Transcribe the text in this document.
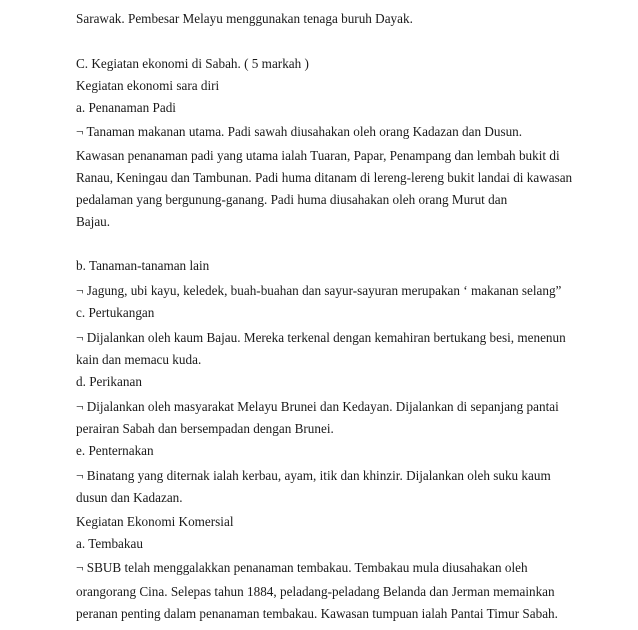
Sarawak. Pembesar Melayu menggunakan tenaga buruh Dayak.
C. Kegiatan ekonomi di Sabah. ( 5 markah )
Kegiatan ekonomi sara diri
a. Penanaman Padi
¬ Tanaman makanan utama. Padi sawah diusahakan oleh orang Kadazan dan Dusun.
Kawasan penanaman padi yang utama ialah Tuaran, Papar, Penampang dan lembah bukit di
Ranau, Keningau dan Tambunan. Padi huma ditanam di lereng-lereng bukit landai di kawasan
pedalaman yang bergunung-ganang. Padi huma diusahakan oleh orang Murut dan
Bajau.
b. Tanaman-tanaman lain
¬ Jagung, ubi kayu, keledek, buah-buahan dan sayur-sayuran merupakan ‘ makanan selang”
c. Pertukangan
¬ Dijalankan oleh kaum Bajau. Mereka terkenal dengan kemahiran bertukang besi, menenun
kain dan memacu kuda.
d. Perikanan
¬ Dijalankan oleh masyarakat Melayu Brunei dan Kedayan. Dijalankan di sepanjang pantai
perairan Sabah dan bersempadan dengan Brunei.
e. Penternakan
¬ Binatang yang diternak ialah kerbau, ayam, itik dan khinzir. Dijalankan oleh suku kaum
dusun dan Kadazan.
Kegiatan Ekonomi Komersial
a. Tembakau
¬ SBUB telah menggalakkan penanaman tembakau. Tembakau mula diusahakan oleh
orangorang Cina. Selepas tahun 1884, peladang-peladang Belanda dan Jerman memainkan
peranan penting dalam penanaman tembakau. Kawasan tumpuan ialah Pantai Timur Sabah.
